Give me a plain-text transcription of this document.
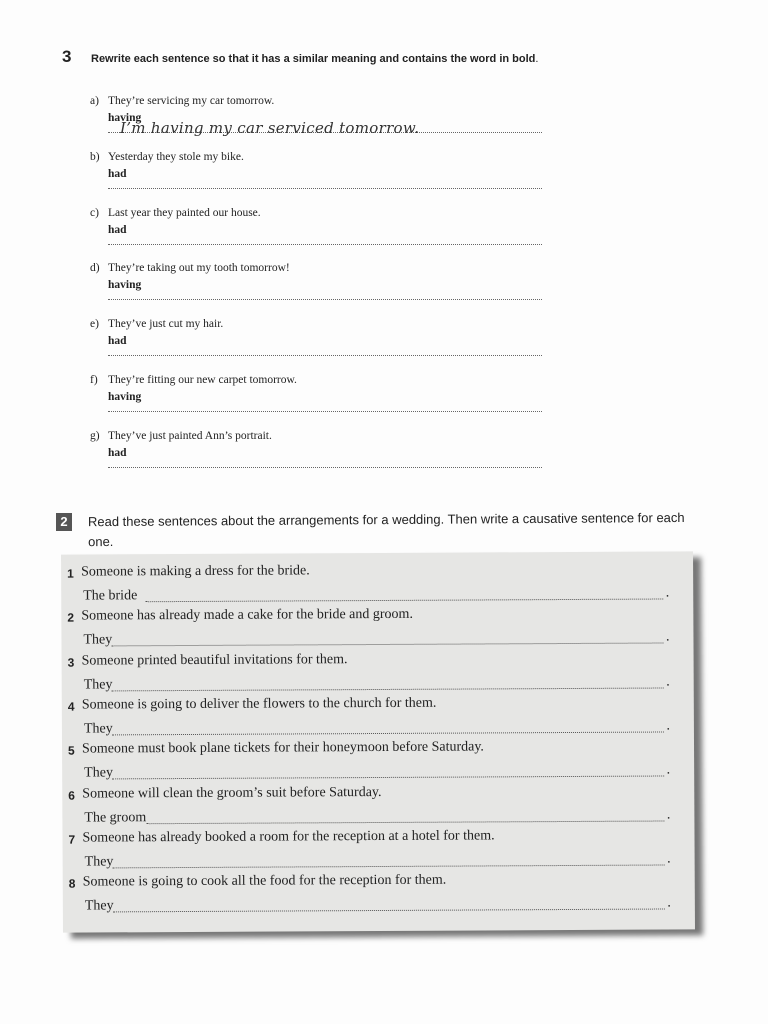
3 Rewrite each sentence so that it has a similar meaning and contains the word in bold.
a) They’re servicing my car tomorrow.
having
I’m having my car serviced tomorrow.
b) Yesterday they stole my bike.
had
c) Last year they painted our house.
had
d) They’re taking out my tooth tomorrow!
having
e) They’ve just cut my hair.
had
f) They’re fitting our new carpet tomorrow.
having
g) They’ve just painted Ann’s portrait.
had
2	Read these sentences about the arrangements for a wedding. Then write a causative sentence for each one.
1 Someone is making a dress for the bride.
The bride	.
2 Someone has already made a cake for the bride and groom.
They	.
3 Someone printed beautiful invitations for them.
They	.
4 Someone is going to deliver the flowers to the church for them.
They	.
5 Someone must book plane tickets for their honeymoon before Saturday.
They	.
6 Someone will clean the groom’s suit before Saturday.
The groom	.
7 Someone has already booked a room for the reception at a hotel for them.
They	.
8 Someone is going to cook all the food for the reception for them.
They	.
